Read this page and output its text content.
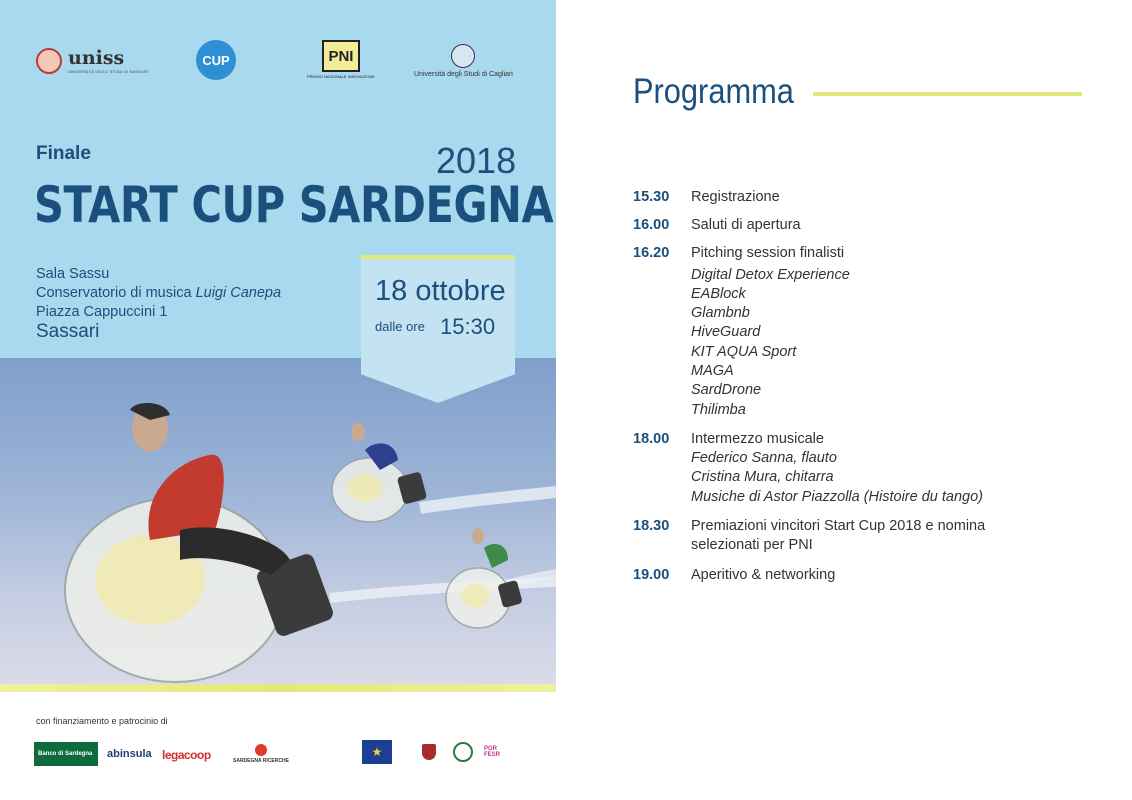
uniss
UNIVERSITÀ DEGLI STUDI DI SASSARI
CUP	PNI
PREMIO NAZIONALE INNOVAZIONE	Università degli Studi di Cagliari
Finale	2018
START CUP SARDEGNA
Sala Sassu
Conservatorio di musica Luigi Canepa
Piazza Cappuccini 1
Sassari
18 ottobre
dalle ore 15:30
con finanziamento e patrocinio di
Banco di Sardegna	abinsula legacoop	SARDEGNA RICERCHE
★	POR FESR
Programma
15.30 Registrazione
16.00 Saluti di apertura
16.20 Pitching session finalisti
Digital Detox Experience
EABlock
Glambnb
HiveGuard
KIT AQUA Sport
MAGA
SardDrone
Thilimba
18.00 Intermezzo musicale
Federico Sanna, flauto
Cristina Mura, chitarra
Musiche di Astor Piazzolla (Histoire du tango)
18.30 Premiazioni vincitori Start Cup 2018 e nomina
selezionati per PNI
19.00 Aperitivo & networking
